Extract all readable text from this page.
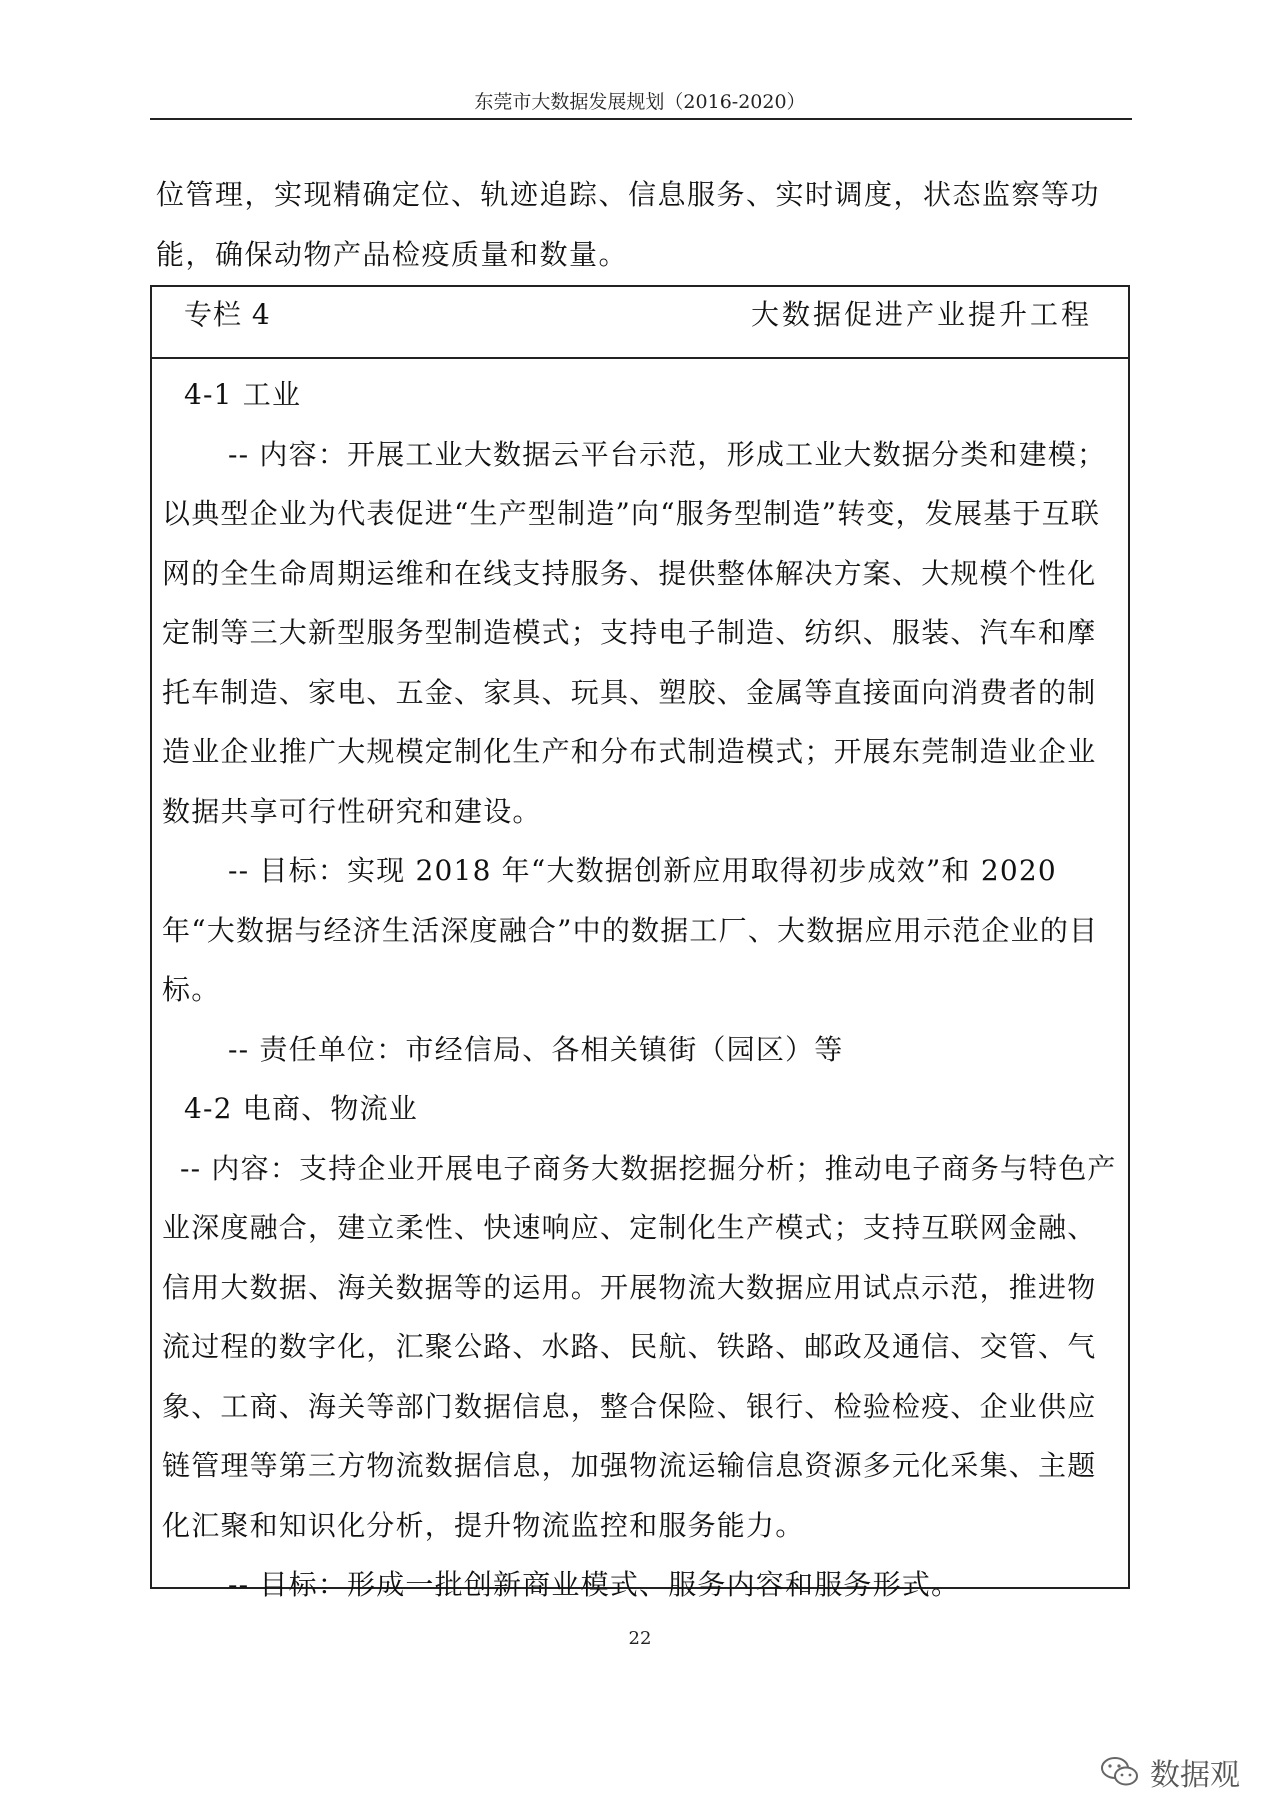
东莞市大数据发展规划（2016-2020）

位管理，实现精确定位、轨迹追踪、信息服务、实时调度，状态监察等功能，确保动物产品检疫质量和数量。

专栏 4	大数据促进产业提升工程

4-1 工业

-- 内容：开展工业大数据云平台示范，形成工业大数据分类和建模；以典型企业为代表促进“生产型制造”向“服务型制造”转变，发展基于互联网的全生命周期运维和在线支持服务、提供整体解决方案、大规模个性化定制等三大新型服务型制造模式；支持电子制造、纺织、服装、汽车和摩托车制造、家电、五金、家具、玩具、塑胶、金属等直接面向消费者的制造业企业推广大规模定制化生产和分布式制造模式；开展东莞制造业企业数据共享可行性研究和建设。

-- 目标：实现 2018 年“大数据创新应用取得初步成效”和 2020 年“大数据与经济生活深度融合”中的数据工厂、大数据应用示范企业的目标。

-- 责任单位：市经信局、各相关镇街（园区）等

4-2 电商、物流业

-- 内容：支持企业开展电子商务大数据挖掘分析；推动电子商务与特色产业深度融合，建立柔性、快速响应、定制化生产模式；支持互联网金融、信用大数据、海关数据等的运用。开展物流大数据应用试点示范，推进物流过程的数字化，汇聚公路、水路、民航、铁路、邮政及通信、交管、气象、工商、海关等部门数据信息，整合保险、银行、检验检疫、企业供应链管理等第三方物流数据信息，加强物流运输信息资源多元化采集、主题化汇聚和知识化分析，提升物流监控和服务能力。

-- 目标：形成一批创新商业模式、服务内容和服务形式。

22
数据观
